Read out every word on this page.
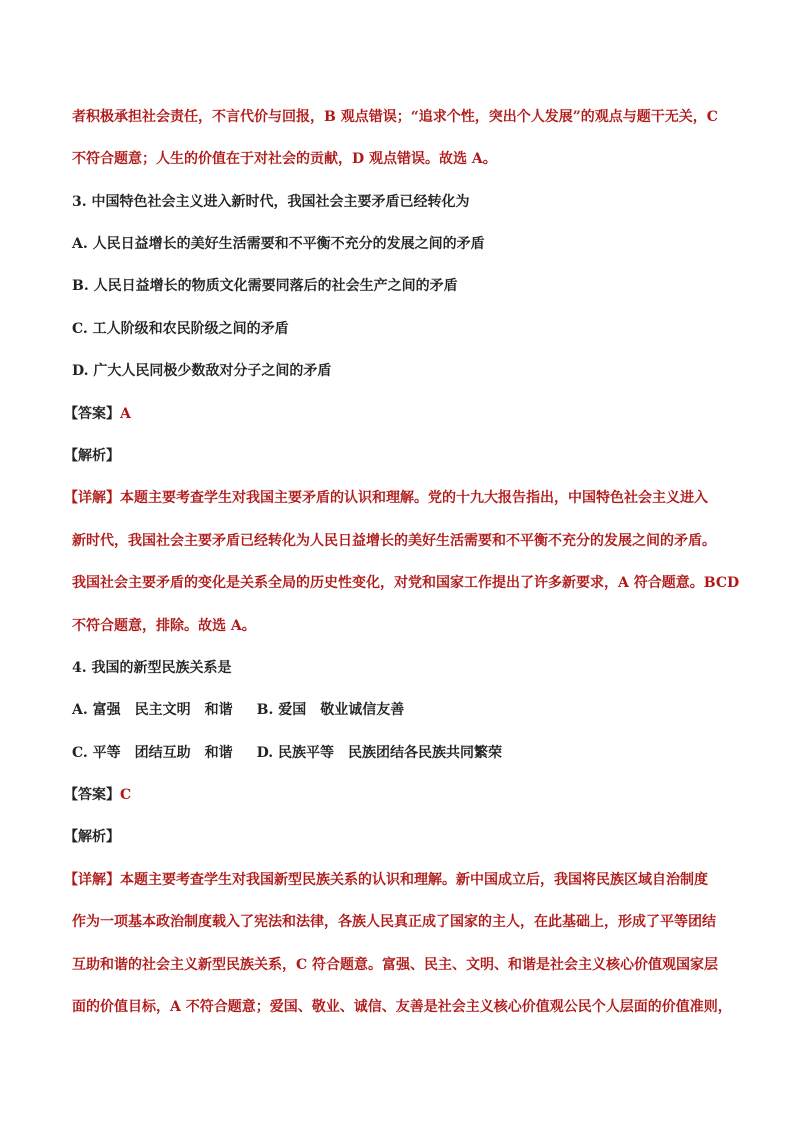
者积极承担社会责任，不言代价与回报，B 观点错误；“追求个性，突出个人发展”的观点与题干无关，C

不符合题意；人生的价值在于对社会的贡献，D 观点错误。故选 A。

3. 中国特色社会主义进入新时代，我国社会主要矛盾已经转化为

A. 人民日益增长的美好生活需要和不平衡不充分的发展之间的矛盾

B. 人民日益增长的物质文化需要同落后的社会生产之间的矛盾

C. 工人阶级和农民阶级之间的矛盾

D. 广大人民同极少数敌对分子之间的矛盾

【答案】A

【解析】

【详解】本题主要考查学生对我国主要矛盾的认识和理解。党的十九大报告指出，中国特色社会主义进入

新时代，我国社会主要矛盾已经转化为人民日益增长的美好生活需要和不平衡不充分的发展之间的矛盾。

我国社会主要矛盾的变化是关系全局的历史性变化，对党和国家工作提出了许多新要求，A 符合题意。BCD

不符合题意，排除。故选 A。

4. 我国的新型民族关系是

A. 富强　民主文明　和谐 B. 爱国　敬业诚信友善

C. 平等　团结互助　和谐 D. 民族平等　民族团结各民族共同繁荣

【答案】C

【解析】

【详解】本题主要考查学生对我国新型民族关系的认识和理解。新中国成立后，我国将民族区域自治制度

作为一项基本政治制度载入了宪法和法律，各族人民真正成了国家的主人，在此基础上，形成了平等团结

互助和谐的社会主义新型民族关系，C 符合题意。富强、民主、文明、和谐是社会主义核心价值观国家层

面的价值目标，A 不符合题意；爱国、敬业、诚信、友善是社会主义核心价值观公民个人层面的价值准则，
